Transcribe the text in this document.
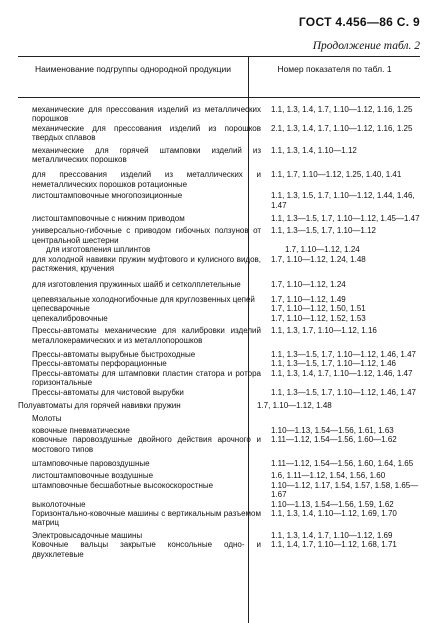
ГОСТ 4.456—86 С. 9
Продолжение табл. 2
Наименование подгруппы однородной продукции	Номер показателя по табл. 1
механические для прессования изделий из металлических порошков
1.1, 1.3, 1.4, 1.7, 1.10—1.12, 1.16, 1.25
механические для прессования изделий из порошков твердых сплавов
2.1, 1.3, 1.4, 1.7, 1.10—1.12, 1.16, 1.25
механические для горячей штамповки изделий из металлических порошков
1.1, 1.3, 1.4, 1.10—1.12
для прессования изделий из металлических и неметаллических порошков ротационные
1.1, 1.7, 1.10—1.12, 1.25, 1.40, 1.41
листоштамповочные многопозиционные	1.1, 1.3, 1.5, 1.7, 1.10—1.12, 1.44, 1.46, 1.47
листоштамповочные с нижним приводом	1.1, 1.3—1.5, 1.7, 1.10—1.12, 1.45—1.47
универсально-гибочные с приводом гибочных ползунов от центральной шестерни
1.1, 1.3—1.5, 1.7, 1.10—1.12
для изготовления шплинтов	1.7, 1.10—1.12, 1.24
для холодной навивки пружин муфтового и кулисного видов, растяжения, кручения
1.7, 1.10—1.12, 1.24, 1.48
для изготовления пружинных шайб и сетколплетельные	1.7, 1.10—1.12, 1.24
цепевязальные холодногибочные для круглозвенных цепей	1.7, 1.10—1.12, 1.49
цепесварочные	1.7, 1.10—1.12, 1.50, 1.51
цепекалибровочные	1.7, 1.10—1.12, 1.52, 1.53
Прессы-автоматы механические для калибровки изделий металлокерамических и из металлопорошков
1.1, 1.3, 1.7, 1.10—1.12, 1.16
Прессы-автоматы вырубные быстроходные	1.1, 1.3—1.5, 1.7, 1.10—1.12, 1.46, 1.47
Прессы-автоматы перфорационные	1.1, 1.3—1.5, 1.7, 1.10—1.12, 1.46
Прессы-автоматы для штамповки пластин статора и ротора горизонтальные
1.1, 1.3, 1.4, 1.7, 1.10—1.12, 1.46, 1.47
Прессы-автоматы для чистовой вырубки	1.1, 1.3—1.5, 1.7, 1.10—1.12, 1.46, 1.47
Полуавтоматы для горячей навивки пружин	1.7, 1.10—1.12, 1.48
Молоты
ковочные пневматические	1.10—1.13, 1.54—1.56, 1.61, 1.63
ковочные паровоздушные двойного действия арочного и мостового типов
1.11—1.12, 1.54—1.56, 1.60—1.62
штамповочные паровоздушные	1.11—1.12, 1.54—1.56, 1.60, 1.64, 1.65
листоштамповочные воздушные	1.6, 1.11—1.12, 1.54, 1.56, 1.60
штамповочные бесшаботные высокоскоростные	1.10—1.12, 1.17, 1.54, 1.57, 1.58, 1.65—1.67
выколоточные	1.10—1.13, 1.54—1.56, 1.59, 1.62
Горизонтально-ковочные машины с вертикальным разъемом матриц
1.1, 1.3, 1.4, 1.10—1.12, 1.69, 1.70
Электровысадочные машины	1.1, 1.3, 1.4, 1.7, 1.10—1.12, 1.69
Ковочные вальцы закрытые консольные одно- и двухклетевые
1.1, 1.4, 1.7, 1.10—1.12, 1.68, 1.71
